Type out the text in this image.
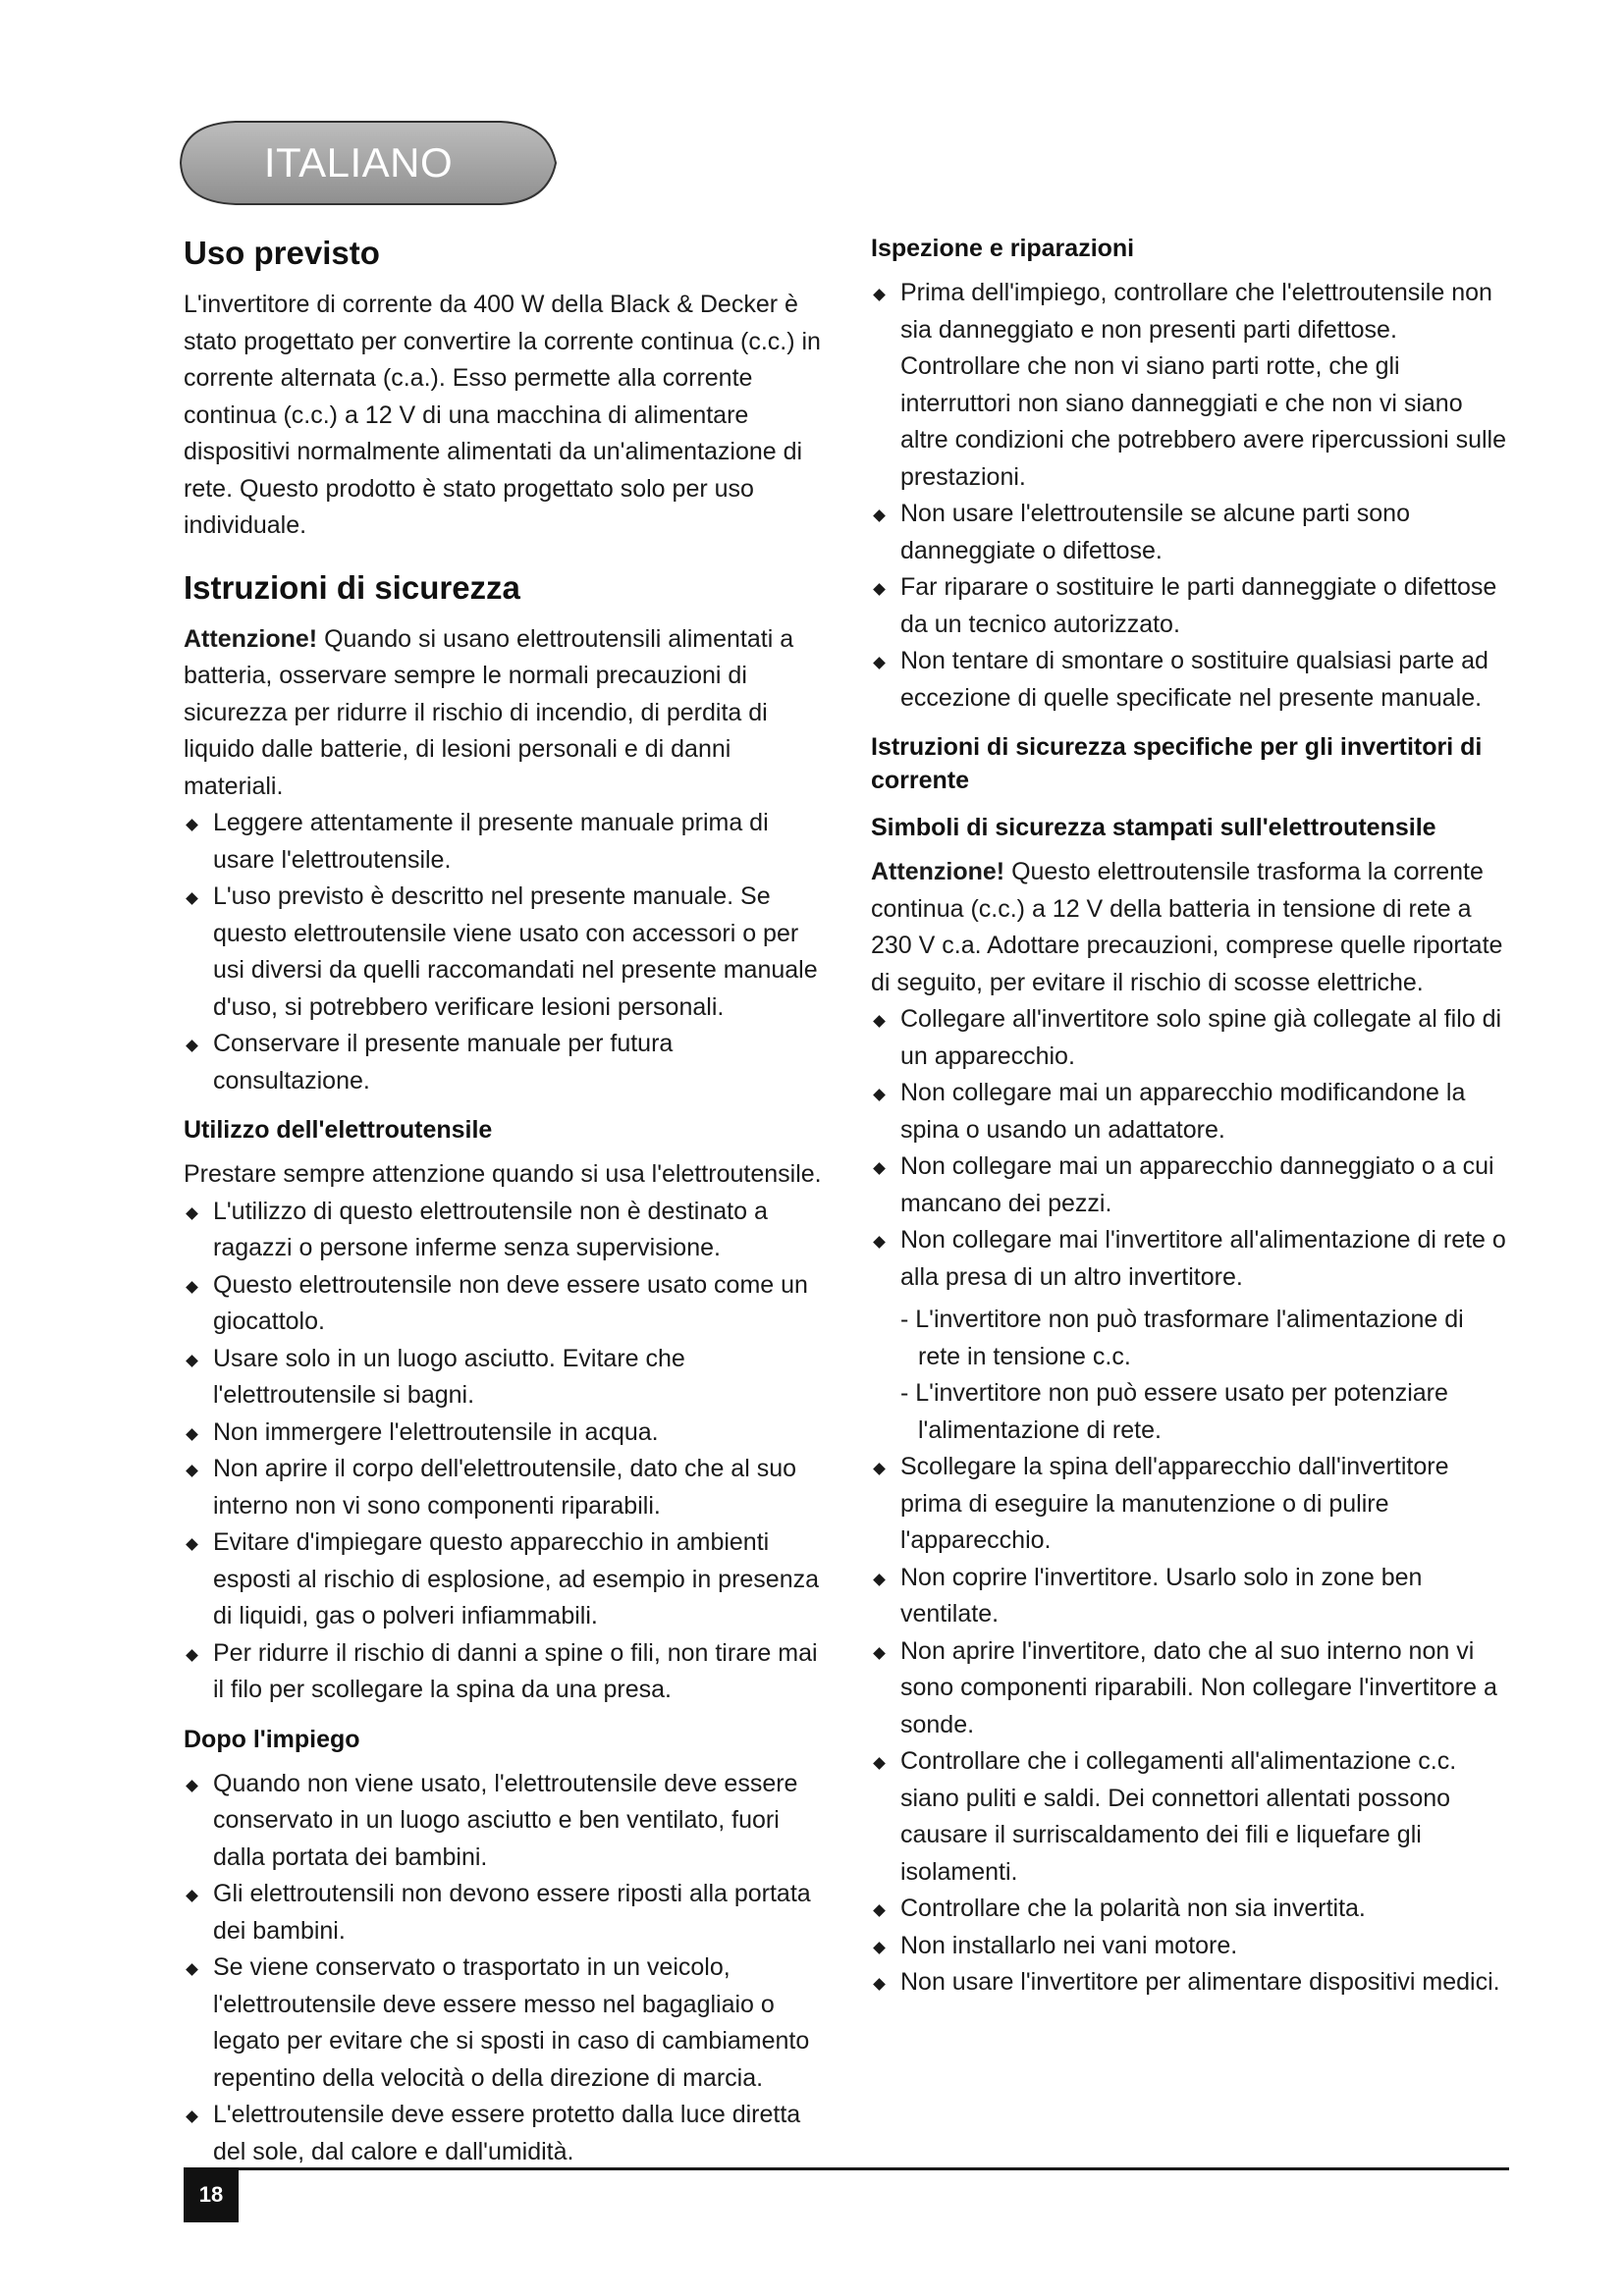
ITALIANO
Uso previsto

L'invertitore di corrente da 400 W della Black & Decker è stato progettato per convertire la corrente continua (c.c.) in corrente alternata (c.a.). Esso permette alla corrente continua (c.c.) a 12 V di una macchina di alimentare dispositivi normalmente alimentati da un'alimentazione di rete. Questo prodotto è stato progettato solo per uso individuale.

Istruzioni di sicurezza

Attenzione! Quando si usano elettroutensili alimentati a batteria, osservare sempre le normali precauzioni di sicurezza per ridurre il rischio di incendio, di perdita di liquido dalle batterie, di lesioni personali e di danni materiali.

Leggere attentamente il presente manuale prima di usare l'elettroutensile.
L'uso previsto è descritto nel presente manuale. Se questo elettroutensile viene usato con accessori o per usi diversi da quelli raccomandati nel presente manuale d'uso, si potrebbero verificare lesioni personali.
Conservare il presente manuale per futura consultazione.
Utilizzo dell'elettroutensile

Prestare sempre attenzione quando si usa l'elettroutensile.

L'utilizzo di questo elettroutensile non è destinato a ragazzi o persone inferme senza supervisione.
Questo elettroutensile non deve essere usato come un giocattolo.
Usare solo in un luogo asciutto. Evitare che l'elettroutensile si bagni.
Non immergere l'elettroutensile in acqua.
Non aprire il corpo dell'elettroutensile, dato che al suo interno non vi sono componenti riparabili.
Evitare d'impiegare questo apparecchio in ambienti esposti al rischio di esplosione, ad esempio in presenza di liquidi, gas o polveri infiammabili.
Per ridurre il rischio di danni a spine o fili, non tirare mai il filo per scollegare la spina da una presa.
Dopo l'impiego
Quando non viene usato, l'elettroutensile deve essere conservato in un luogo asciutto e ben ventilato, fuori dalla portata dei bambini.
Gli elettroutensili non devono essere riposti alla portata dei bambini.
Se viene conservato o trasportato in un veicolo, l'elettroutensile deve essere messo nel bagagliaio o legato per evitare che si sposti in caso di cambiamento repentino della velocità o della direzione di marcia.
L'elettroutensile deve essere protetto dalla luce diretta del sole, dal calore e dall'umidità.
Ispezione e riparazioni
Prima dell'impiego, controllare che l'elettroutensile non sia danneggiato e non presenti parti difettose. Controllare che non vi siano parti rotte, che gli interruttori non siano danneggiati e che non vi siano altre condizioni che potrebbero avere ripercussioni sulle prestazioni.
Non usare l'elettroutensile se alcune parti sono danneggiate o difettose.
Far riparare o sostituire le parti danneggiate o difettose da un tecnico autorizzato.
Non tentare di smontare o sostituire qualsiasi parte ad eccezione di quelle specificate nel presente manuale.
Istruzioni di sicurezza specifiche per gli invertitori di corrente
Simboli di sicurezza stampati sull'elettroutensile

Attenzione! Questo elettroutensile trasforma la corrente continua (c.c.) a 12 V della batteria in tensione di rete a 230 V c.a. Adottare precauzioni, comprese quelle riportate di seguito, per evitare il rischio di scosse elettriche.

Collegare all'invertitore solo spine già collegate al filo di un apparecchio.
Non collegare mai un apparecchio modificandone la spina o usando un adattatore.
Non collegare mai un apparecchio danneggiato o a cui mancano dei pezzi.
Non collegare mai l'invertitore all'alimentazione di rete o alla presa di un altro invertitore.

- L'invertitore non può trasformare l'alimentazione di rete in tensione c.c.

- L'invertitore non può essere usato per potenziare l'alimentazione di rete.

Scollegare la spina dell'apparecchio dall'invertitore prima di eseguire la manutenzione o di pulire l'apparecchio.
Non coprire l'invertitore. Usarlo solo in zone ben ventilate.
Non aprire l'invertitore, dato che al suo interno non vi sono componenti riparabili. Non collegare l'invertitore a sonde.
Controllare che i collegamenti all'alimentazione c.c. siano puliti e saldi. Dei connettori allentati possono causare il surriscaldamento dei fili e liquefare gli isolamenti.
Controllare che la polarità non sia invertita.
Non installarlo nei vani motore.
Non usare l'invertitore per alimentare dispositivi medici.
18
